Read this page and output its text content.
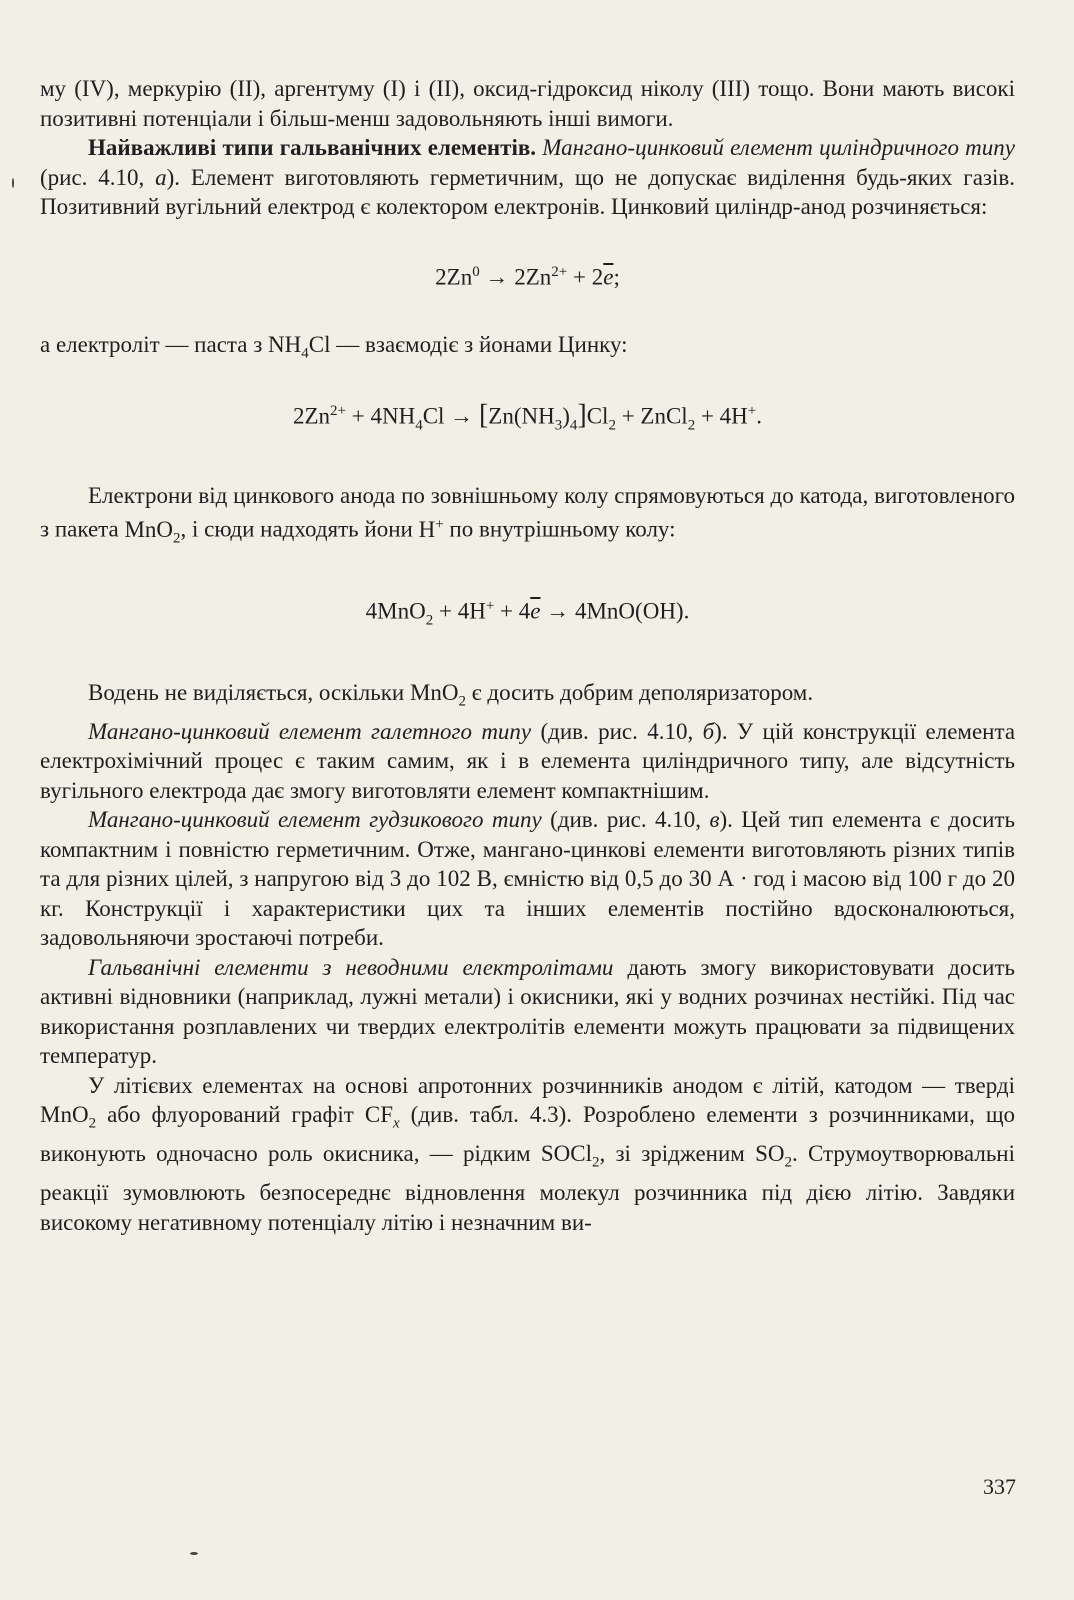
му (IV), меркурію (II), аргентуму (I) і (II), оксид-гідроксид ніколу (III) тощо. Вони мають високі позитивні потенціали і більш-менш задовольняють інші вимоги.

Найважливі типи гальванічних елементів. Мангано-цинковий елемент циліндричного типу (рис. 4.10, а). Елемент виготовляють герметичним, що не допускає виділення будь-яких газів. Позитивний вугільний електрод є колектором електронів. Цинковий циліндр-анод розчиняється:

$2Zn^0 \to 2Zn^{2+} + 2\overline{e}$;

а електроліт — паста з $NH_4Cl$ — взаємодіє з йонами Цинку:

$2Zn^{2+} + 4NH_4Cl \to [Zn(NH_3)_4]Cl_2$ + ZnCl$_2$ + 4H+.

Електрони від цинкового анода по зовнішньому колу спрямовуються до катода, виготовленого з пакета MnO$_2$, і сюди надходять йони H+ по внутрішньому колу:

$4MnO_2 + 4H^+ + 4\overline{e} \to 4MnO(OH)$.

Водень не виділяється, оскільки MnO$_2$ є досить добрим деполяризатором.

Мангано-цинковий елемент галетного типу (див. рис. 4.10, б). У цій конструкції елемента електрохімічний процес є таким самим, як і в елемента циліндричного типу, але відсутність вугільного електрода дає змогу виготовляти елемент компактнішим.

Мангано-цинковий елемент гудзикового типу (див. рис. 4.10, в). Цей тип елемента є досить компактним і повністю герметичним. Отже, мангано-цинкові елементи виготовляють різних типів та для різних цілей, з напругою від 3 до 102 В, ємністю від 0,5 до 30 А · год і масою від 100 г до 20 кг. Конструкції і характеристики цих та інших елементів постійно вдосконалюються, задовольняючи зростаючі потреби.

Гальванічні елементи з неводними електролітами дають змогу використовувати досить активні відновники (наприклад, лужні метали) і окисники, які у водних розчинах нестійкі. Під час використання розплавлених чи твердих електролітів елементи можуть працювати за підвищених температур.

У літієвих елементах на основі апротонних розчинників анодом є літій, катодом — тверді MnO$_2$ або флуорований графіт $CF_x$ (див. табл. 4.3). Розроблено елементи з розчинниками, що виконують одночасно роль окисника, — рідким SOCl$_2$, зі зрідженим $SO_2$. Струмоутворювальні реакції зумовлюють безпосереднє відновлення молекул розчинника під дією літію. Завдяки високому негативному потенціалу літію і незначним ви-

337
